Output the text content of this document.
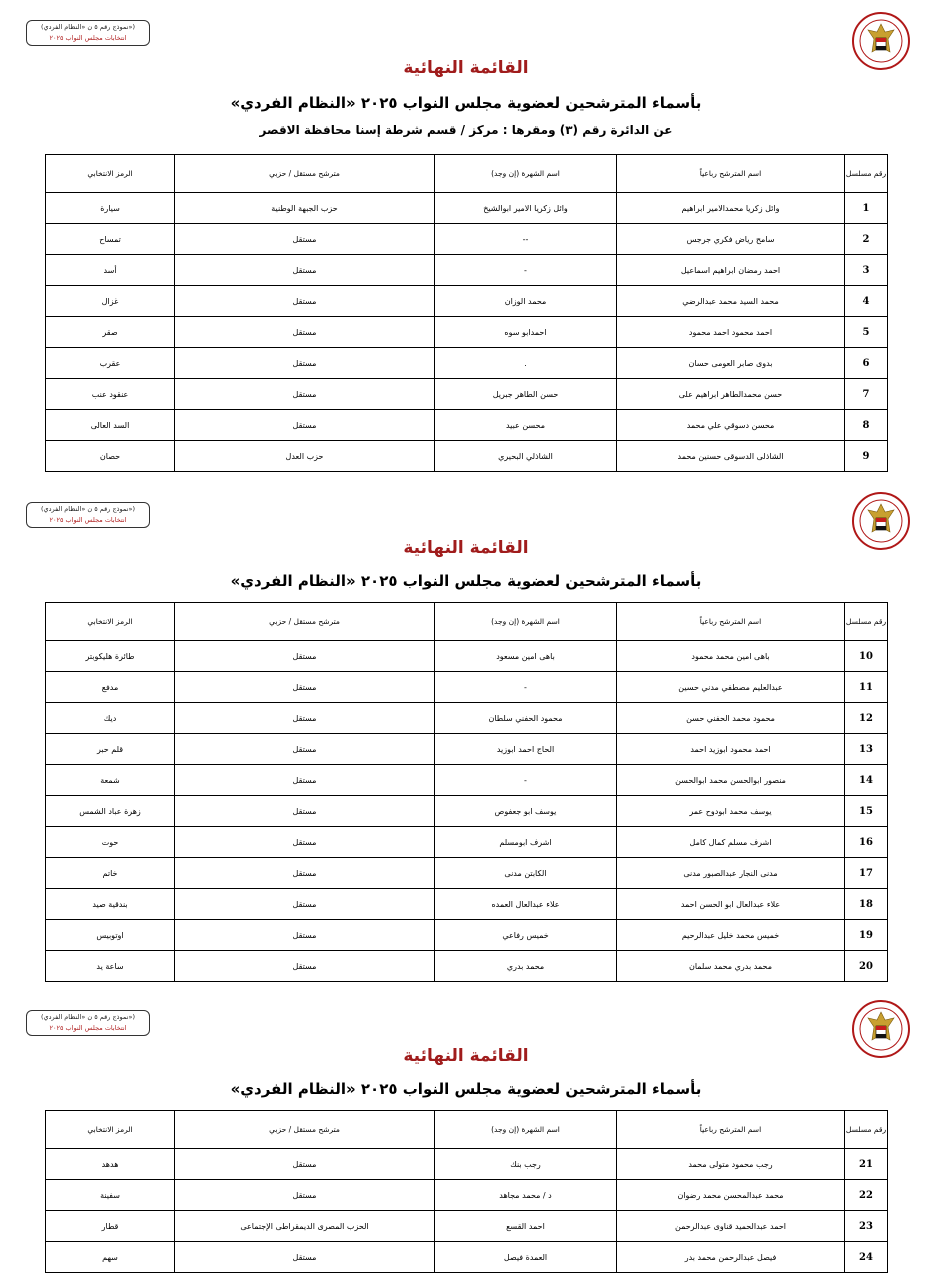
(نموذج رقم ٥ ن «النظام الفردي»)
انتخابات مجلس النواب ٢٠٢٥
القائمة النهائية
بأسماء المترشحين لعضوية مجلس النواب ٢٠٢٥ «النظام الفردي»
عن الدائرة رقم (٣) ومقرها : مركز / قسم شرطة إسنا محافظة الاقصر
رقم مسلسل	اسم المترشح رباعياً	اسم الشهرة (إن وجد)	مترشح مستقل / حزبي	الرمز الانتخابي
1	وائل زكريا محمدالامير ابراهيم	وائل زكريا الامير ابوالشيخ	حزب الجبهة الوطنية	سيارة
2	سامح رياض فكري جرجس	--	مستقل	تمساح
3	احمد رمضان ابراهيم اسماعيل	-	مستقل	أسد
4	محمد السيد محمد عبدالرضي	محمد الوزان	مستقل	غزال
5	احمد محمود احمد محمود	احمدابو سوه	مستقل	صقر
6	بدوى صابر العومى حسان	.	مستقل	عقرب
7	حسن محمدالطاهر ابراهيم على	حسن الطاهر جبريل	مستقل	عنقود عنب
8	محسن دسوقي علي محمد	محسن عبيد	مستقل	السد العالى
9	الشاذلى الدسوقى حسنين محمد	الشاذلي البحيري	حزب العدل	حصان
(نموذج رقم ٥ ن «النظام الفردي»)
انتخابات مجلس النواب ٢٠٢٥
القائمة النهائية
بأسماء المترشحين لعضوية مجلس النواب ٢٠٢٥ «النظام الفردي»
رقم مسلسل	اسم المترشح رباعياً	اسم الشهرة (إن وجد)	مترشح مستقل / حزبي	الرمز الانتخابي
10	باهى امين محمد محمود	باهى امين مسعود	مستقل	طائرة هليكوبتر
11	عبدالعليم مصطفي مدني حسين	-	مستقل	مدفع
12	محمود محمد الحفني حسن	محمود الحفني سلطان	مستقل	ديك
13	احمد محمود ابوزيد احمد	الحاج احمد ابوزيد	مستقل	قلم حبر
14	منصور ابوالحسن محمد ابوالحسن	-	مستقل	شمعة
15	يوسف محمد ابودوح عمر	يوسف ابو جعفوص	مستقل	زهرة عباد الشمس
16	اشرف مسلم كمال كامل	اشرف ابومسلم	مستقل	حوت
17	مدنى النجار عبدالصبور مدنى	الكابتن مدنى	مستقل	خاتم
18	علاء عبدالعال ابو الحسن احمد	علاء عبدالعال العمده	مستقل	بندقية صيد
19	خميس محمد خليل عبدالرحيم	خميس رفاعي	مستقل	اوتوبيس
20	محمد بدري محمد سلمان	محمد بدري	مستقل	ساعة يد
(نموذج رقم ٥ ن «النظام الفردي»)
انتخابات مجلس النواب ٢٠٢٥
القائمة النهائية
بأسماء المترشحين لعضوية مجلس النواب ٢٠٢٥ «النظام الفردي»
رقم مسلسل	اسم المترشح رباعياً	اسم الشهرة (إن وجد)	مترشح مستقل / حزبي	الرمز الانتخابي
21	رجب محمود متولى محمد	رجب بنك	مستقل	هدهد
22	محمد عبدالمحسن محمد رضوان	د / محمد مجاهد	مستقل	سفينة
23	احمد عبدالحميد قناوى عبدالرحمن	احمد القسع	الحزب المصرى الديمقراطى الإجتماعى	قطار
24	فيصل عبدالرحمن محمد بدر	العمدة فيصل	مستقل	سهم
